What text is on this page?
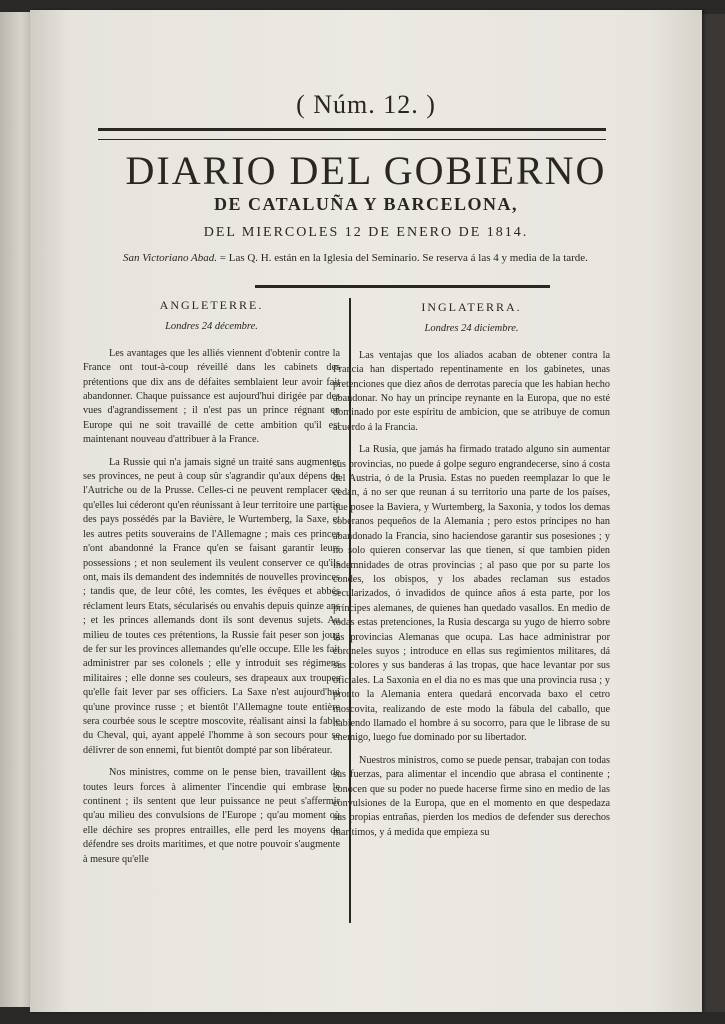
( Núm. 12. )
DIARIO DEL GOBIERNO
DE CATALUÑA Y BARCELONA,
DEL MIERCOLES 12 DE ENERO DE 1814.
San Victoriano Abad. = Las Q. H. están en la Iglesia del Seminario. Se reserva á las 4 y media de la tarde.
ANGLETERRE.
Londres 24 décembre.

Les avantages que les alliés viennent d'obtenir contre la France ont tout-à-coup réveillé dans les cabinets des prétentions que dix ans de défaites semblaient leur avoir fait abandonner. Chaque puissance est aujourd'hui dirigée par des vues d'agrandissement ; il n'est pas un prince régnant en Europe qui ne soit travaillé de cette ambition qu'il est maintenant nouveau d'attribuer à la France.

La Russie qui n'a jamais signé un traité sans augmenter ses provinces, ne peut à coup sûr s'agrandir qu'aux dépens de l'Autriche ou de la Prusse. Celles-ci ne peuvent remplacer ce qu'elles lui céderont qu'en réunissant à leur territoire une partie des pays possédés par la Bavière, le Wurtemberg, la Saxe, et les autres petits souverains de l'Allemagne ; mais ces princes n'ont abandonné la France qu'en se faisant garantir leurs possessions ; et non seulement ils veulent conserver ce qu'ils ont, mais ils demandent des indemnités de nouvelles provinces ; tandis que, de leur côté, les comtes, les évêques et abbés réclament leurs Etats, sécularisés ou envahis depuis quinze ans ; et les princes allemands dont ils sont devenus sujets. Au milieu de toutes ces prétentions, la Russie fait peser son joug de fer sur les provinces allemandes qu'elle occupe. Elle les fait administrer par ses colonels ; elle y introduit ses régimens militaires ; elle donne ses couleurs, ses drapeaux aux troupes qu'elle fait lever par ses officiers. La Saxe n'est aujourd'hui qu'une province russe ; et bientôt l'Allemagne toute entière sera courbée sous le sceptre moscovite, réalisant ainsi la fable du Cheval, qui, ayant appelé l'homme à son secours pour se délivrer de son ennemi, fut bientôt dompté par son libérateur.

Nos ministres, comme on le pense bien, travaillent de toutes leurs forces à alimenter l'incendie qui embrase le continent ; ils sentent que leur puissance ne peut s'affermir qu'au milieu des convulsions de l'Europe ; qu'au moment où elle déchire ses propres entrailles, elle perd les moyens de défendre ses droits maritimes, et que notre pouvoir s'augmente à mesure qu'elle

INGLATERRA.
Londres 24 diciembre.

Las ventajas que los aliados acaban de obtener contra la Francia han dispertado repentinamente en los gabinetes, unas pretenciones que diez años de derrotas parecía que les habian hecho abandonar. No hay un príncipe reynante en la Europa, que no esté dominado por este espíritu de ambicion, que se atribuye de comun acuerdo á la Francia.

La Rusia, que jamás ha firmado tratado alguno sin aumentar sus provincias, no puede á golpe seguro engrandecerse, sino á costa del Austria, ó de la Prusia. Estas no pueden reemplazar lo que le cedan, á no ser que reunan á su territorio una parte de los países, que posee la Baviera, y Wurtemberg, la Saxonia, y todos los demas soberanos pequeños de la Alemania ; pero estos príncipes no han abandonado la Francia, sino haciendose garantir sus posesiones ; y no solo quieren conservar las que tienen, sí que tambien piden indemnidades de otras provincias ; al paso que por su parte los condes, los obispos, y los abades reclaman sus estados secularizados, ó invadidos de quince años á esta parte, por los príncipes alemanes, de quienes han quedado vasallos. En medio de todas estas pretenciones, la Rusia descarga su yugo de hierro sobre las provincias Alemanas que ocupa. Las hace administrar por coroneles suyos ; introduce en ellas sus regimientos militares, dá sus colores y sus banderas á las tropas, que hace levantar por sus oficiales. La Saxonia en el dia no es mas que una provincia rusa ; y pronto la Alemania entera quedará encorvada baxo el cetro moscovita, realizando de este modo la fábula del caballo, que habiendo llamado el hombre á su socorro, para que le librase de su enemigo, luego fue dominado por su libertador.

Nuestros ministros, como se puede pensar, trabajan con todas sus fuerzas, para alimentar el incendio que abrasa el continente ; conocen que su poder no puede hacerse firme sino en medio de las convulsiones de la Europa, que en el momento en que despedaza sus propias entrañas, pierden los medios de defender sus derechos marítimos, y á medida que empieza su
